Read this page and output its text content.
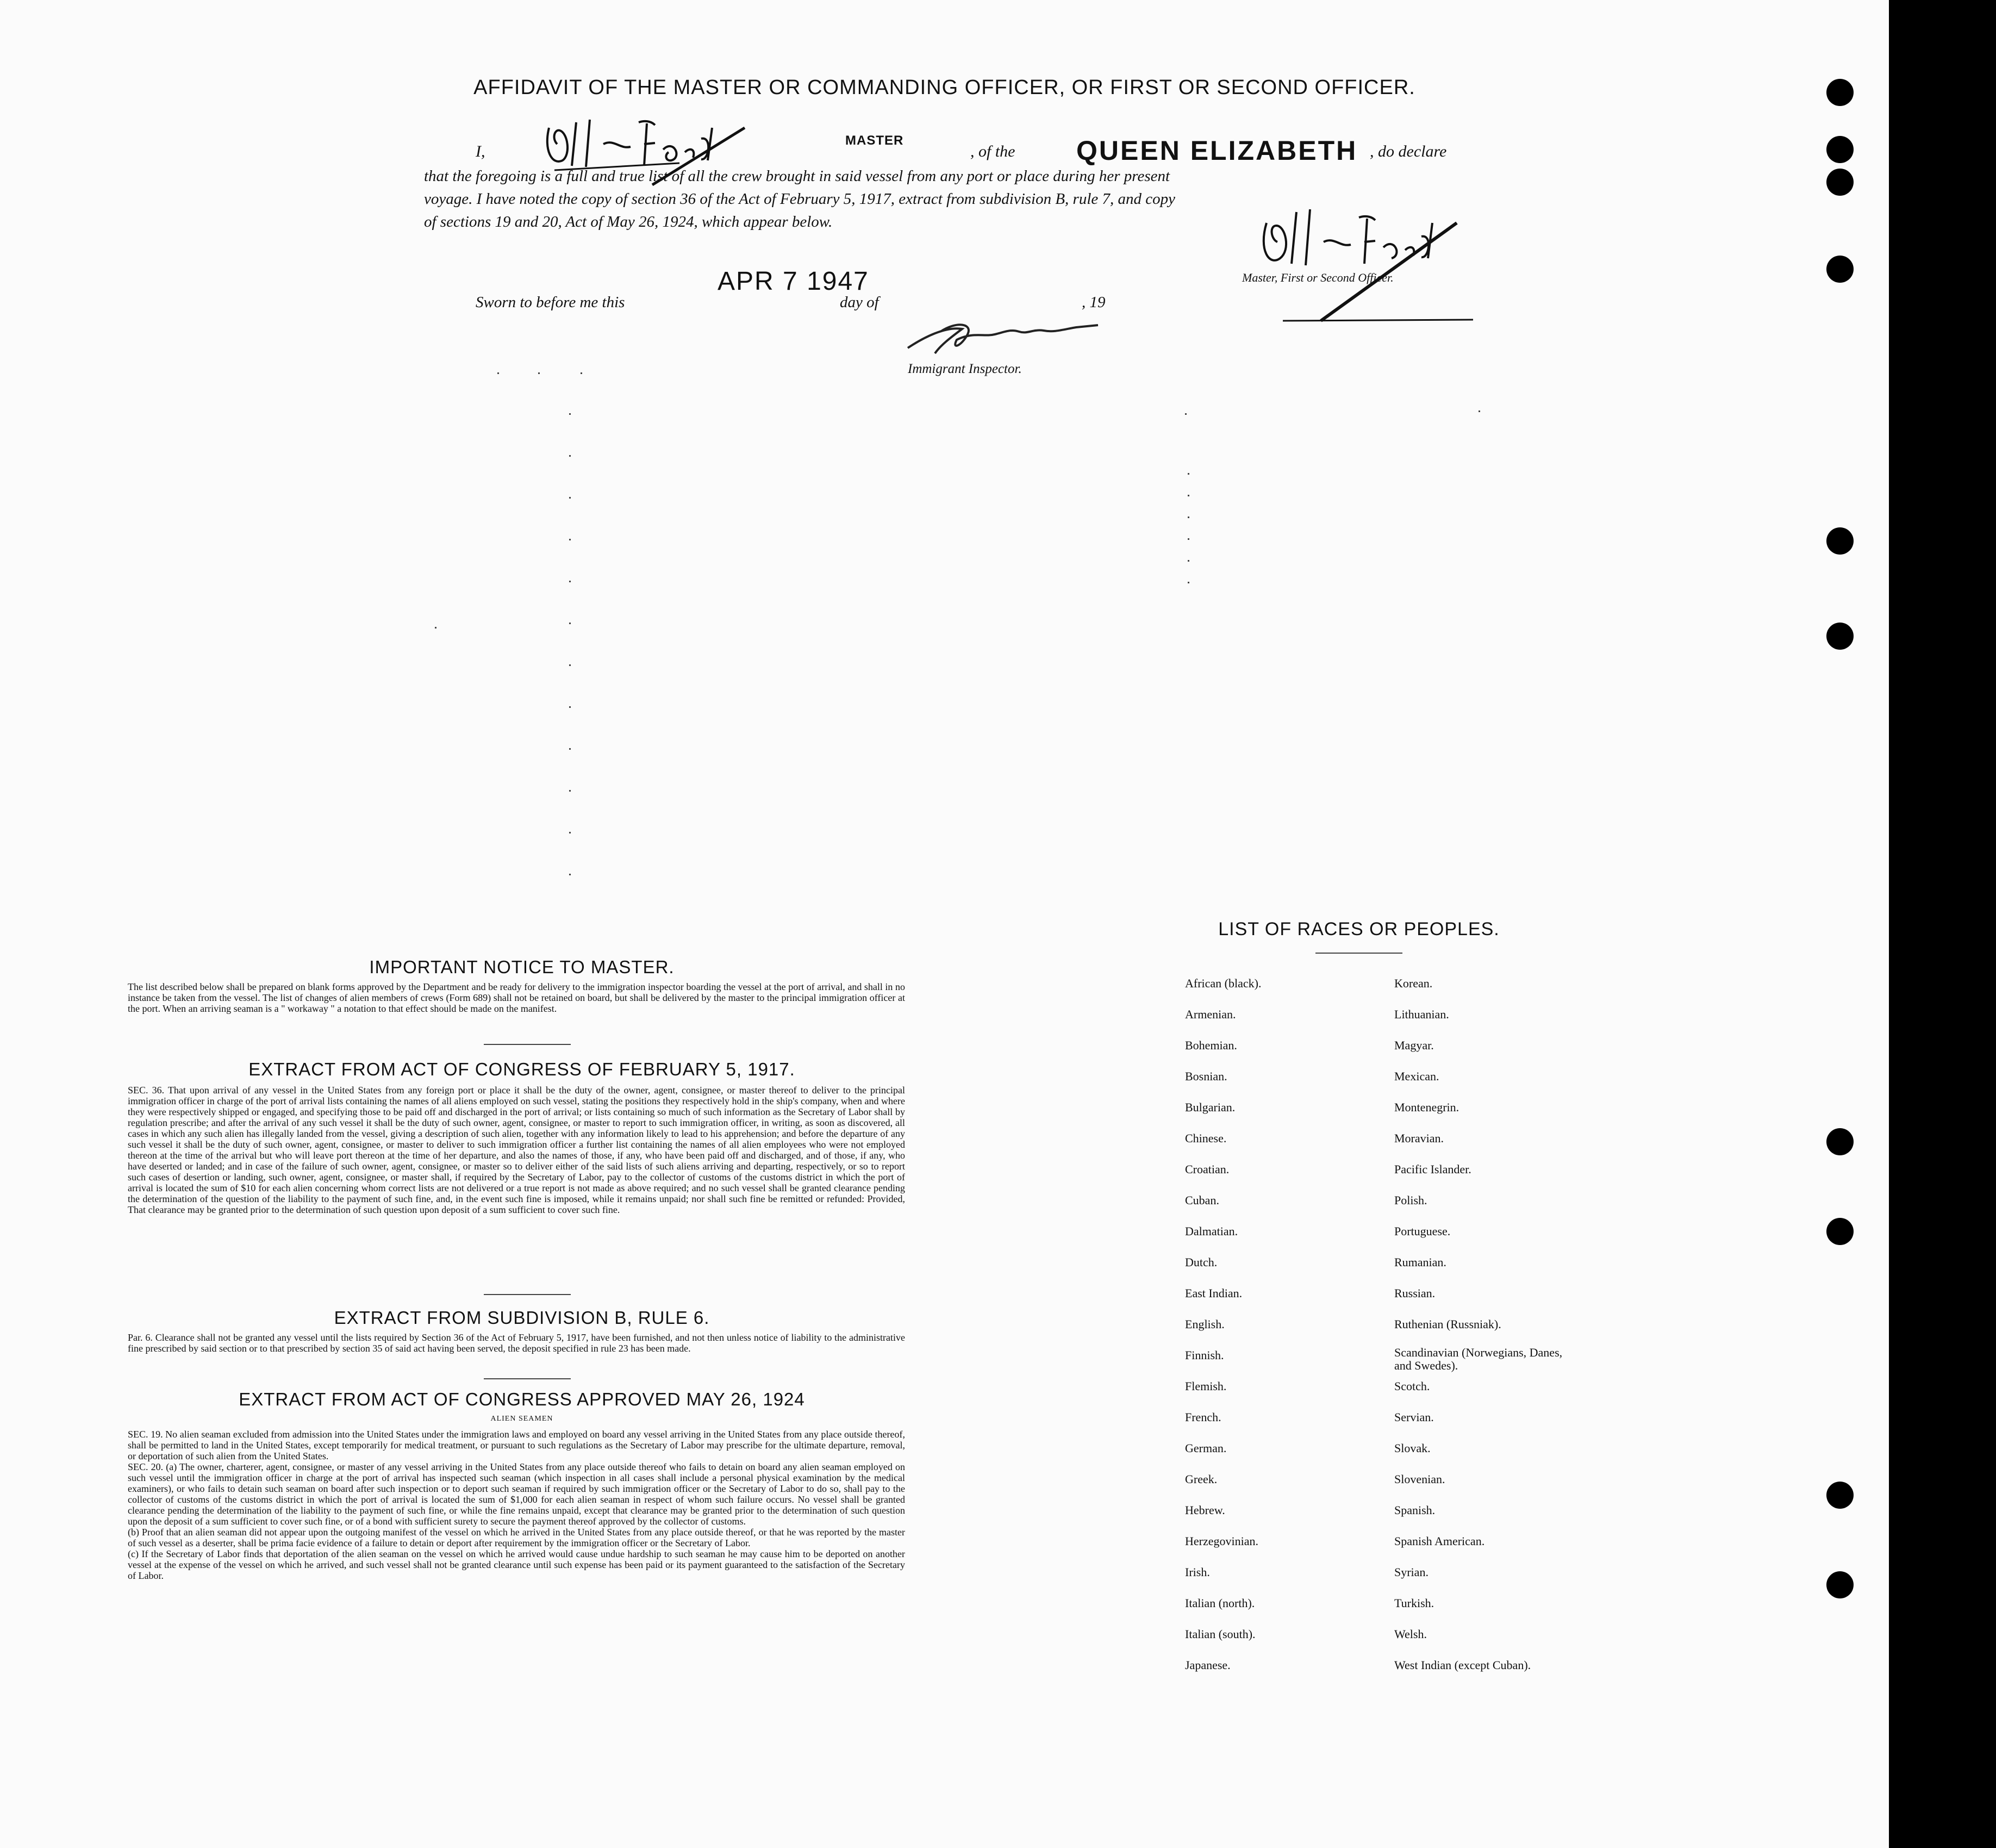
AFFIDAVIT OF THE MASTER OR COMMANDING OFFICER, OR FIRST OR SECOND OFFICER.
I,
MASTER
, of the QUEEN ELIZABETH , do declare
that the foregoing is a full and true list of all the crew brought in said vessel from any port or place during her present
voyage. I have noted the copy of section 36 of the Act of February 5, 1917, extract from subdivision B, rule 7, and copy
of sections 19 and 20, Act of May 26, 1924, which appear below.
Master, First or Second Officer.
Sworn to before me this
APR 7 1947
day of	, 19
Immigrant Inspector.
IMPORTANT NOTICE TO MASTER.
The list described below shall be prepared on blank forms approved by the Department and be ready for delivery to the immigration inspector boarding the vessel at the port of arrival, and shall in no instance be taken from the vessel. The list of changes of alien members of crews (Form 689) shall not be retained on board, but shall be delivered by the master to the principal immigration officer at the port. When an arriving seaman is a " workaway " a notation to that effect should be made on the manifest.
EXTRACT FROM ACT OF CONGRESS OF FEBRUARY 5, 1917.
SEC. 36. That upon arrival of any vessel in the United States from any foreign port or place it shall be the duty of the owner, agent, consignee, or master thereof to deliver to the principal immigration officer in charge of the port of arrival lists containing the names of all aliens employed on such vessel, stating the positions they respectively hold in the ship's company, when and where they were respectively shipped or engaged, and specifying those to be paid off and discharged in the port of arrival; or lists containing so much of such information as the Secretary of Labor shall by regulation prescribe; and after the arrival of any such vessel it shall be the duty of such owner, agent, consignee, or master to report to such immigration officer, in writing, as soon as discovered, all cases in which any such alien has illegally landed from the vessel, giving a description of such alien, together with any information likely to lead to his apprehension; and before the departure of any such vessel it shall be the duty of such owner, agent, consignee, or master to deliver to such immigration officer a further list containing the names of all alien employees who were not employed thereon at the time of the arrival but who will leave port thereon at the time of her departure, and also the names of those, if any, who have been paid off and discharged, and of those, if any, who have deserted or landed; and in case of the failure of such owner, agent, consignee, or master so to deliver either of the said lists of such aliens arriving and departing, respectively, or so to report such cases of desertion or landing, such owner, agent, consignee, or master shall, if required by the Secretary of Labor, pay to the collector of customs of the customs district in which the port of arrival is located the sum of $10 for each alien concerning whom correct lists are not delivered or a true report is not made as above required; and no such vessel shall be granted clearance pending the determination of the question of the liability to the payment of such fine, and, in the event such fine is imposed, while it remains unpaid; nor shall such fine be remitted or refunded: Provided, That clearance may be granted prior to the determination of such question upon deposit of a sum sufficient to cover such fine.
EXTRACT FROM SUBDIVISION B, RULE 6.
Par. 6. Clearance shall not be granted any vessel until the lists required by Section 36 of the Act of February 5, 1917, have been furnished, and not then unless notice of liability to the administrative fine prescribed by said section or to that prescribed by section 35 of said act having been served, the deposit specified in rule 23 has been made.
EXTRACT FROM ACT OF CONGRESS APPROVED MAY 26, 1924
ALIEN SEAMEN
SEC. 19. No alien seaman excluded from admission into the United States under the immigration laws and employed on board any vessel arriving in the United States from any place outside thereof, shall be permitted to land in the United States, except temporarily for medical treatment, or pursuant to such regulations as the Secretary of Labor may prescribe for the ultimate departure, removal, or deportation of such alien from the United States.
SEC. 20. (a) The owner, charterer, agent, consignee, or master of any vessel arriving in the United States from any place outside thereof who fails to detain on board any alien seaman employed on such vessel until the immigration officer in charge at the port of arrival has inspected such seaman (which inspection in all cases shall include a personal physical examination by the medical examiners), or who fails to detain such seaman on board after such inspection or to deport such seaman if required by such immigration officer or the Secretary of Labor to do so, shall pay to the collector of customs of the customs district in which the port of arrival is located the sum of $1,000 for each alien seaman in respect of whom such failure occurs. No vessel shall be granted clearance pending the determination of the liability to the payment of such fine, or while the fine remains unpaid, except that clearance may be granted prior to the determination of such question upon the deposit of a sum sufficient to cover such fine, or of a bond with sufficient surety to secure the payment thereof approved by the collector of customs.
(b) Proof that an alien seaman did not appear upon the outgoing manifest of the vessel on which he arrived in the United States from any place outside thereof, or that he was reported by the master of such vessel as a deserter, shall be prima facie evidence of a failure to detain or deport after requirement by the immigration officer or the Secretary of Labor.
(c) If the Secretary of Labor finds that deportation of the alien seaman on the vessel on which he arrived would cause undue hardship to such seaman he may cause him to be deported on another vessel at the expense of the vessel on which he arrived, and such vessel shall not be granted clearance until such expense has been paid or its payment guaranteed to the satisfaction of the Secretary of Labor.
LIST OF RACES OR PEOPLES.
African (black).
Armenian.
Bohemian.
Bosnian.
Bulgarian.
Chinese.
Croatian.
Cuban.
Dalmatian.
Dutch.
East Indian.
English.
Finnish.
Flemish.
French.
German.
Greek.
Hebrew.
Herzegovinian.
Irish.
Italian (north).
Italian (south).
Japanese.
Korean.
Lithuanian.
Magyar.
Mexican.
Montenegrin.
Moravian.
Pacific Islander.
Polish.
Portuguese.
Rumanian.
Russian.
Ruthenian (Russniak).
Scandinavian (Norwegians, Danes, and Swedes).
Scotch.
Servian.
Slovak.
Slovenian.
Spanish.
Spanish American.
Syrian.
Turkish.
Welsh.
West Indian (except Cuban).
